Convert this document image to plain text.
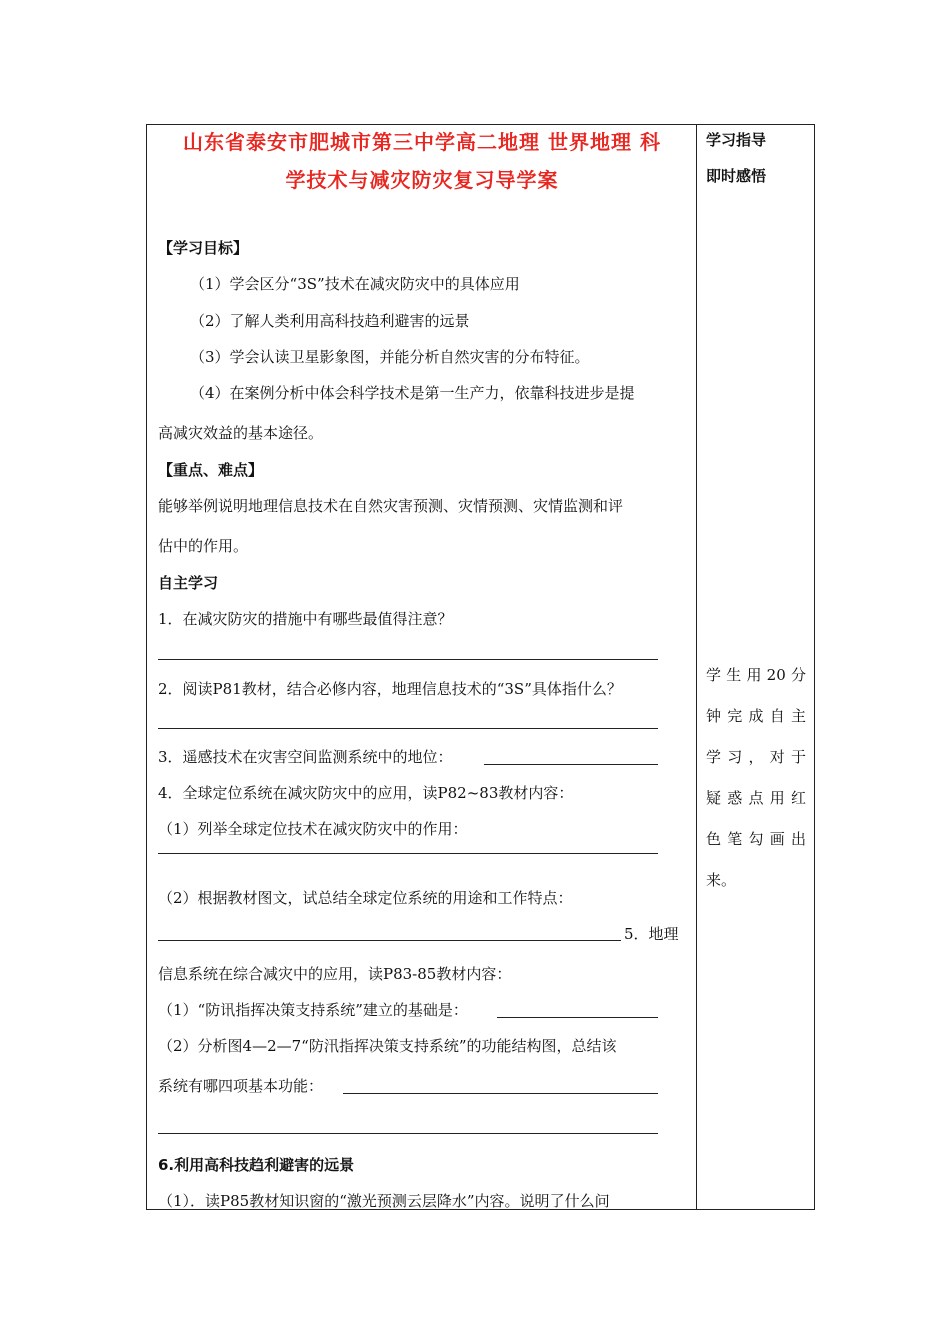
山东省泰安市肥城市第三中学高二地理 世界地理 科
学技术与减灾防灾复习导学案
学习指导
即时感悟
学生用20分
钟完成自主
学习，对于
疑惑点用红
色笔勾画出
来。
【学习目标】
（1）学会区分“3S”技术在减灾防灾中的具体应用
（2）了解人类利用高科技趋利避害的远景
（3）学会认读卫星影象图，并能分析自然灾害的分布特征。
（4）在案例分析中体会科学技术是第一生产力，依靠科技进步是提
高减灾效益的基本途径。
【重点、难点】
能够举例说明地理信息技术在自然灾害预测、灾情预测、灾情监测和评
估中的作用。
自主学习
1．在减灾防灾的措施中有哪些最值得注意？
2．阅读P81教材，结合必修内容，地理信息技术的“3S”具体指什么？
3．遥感技术在灾害空间监测系统中的地位：
4．全球定位系统在减灾防灾中的应用，读P82~83教材内容：
（1）列举全球定位技术在减灾防灾中的作用：
（2）根据教材图文，试总结全球定位系统的用途和工作特点：
5．地理
信息系统在综合减灾中的应用，读P83-85教材内容：
（1）“防讯指挥决策支持系统”建立的基础是：
（2）分析图4—2—7“防汛指挥决策支持系统”的功能结构图，总结该
系统有哪四项基本功能：
6.利用高科技趋利避害的远景
（1）．读P85教材知识窗的“激光预测云层降水”内容。说明了什么问
